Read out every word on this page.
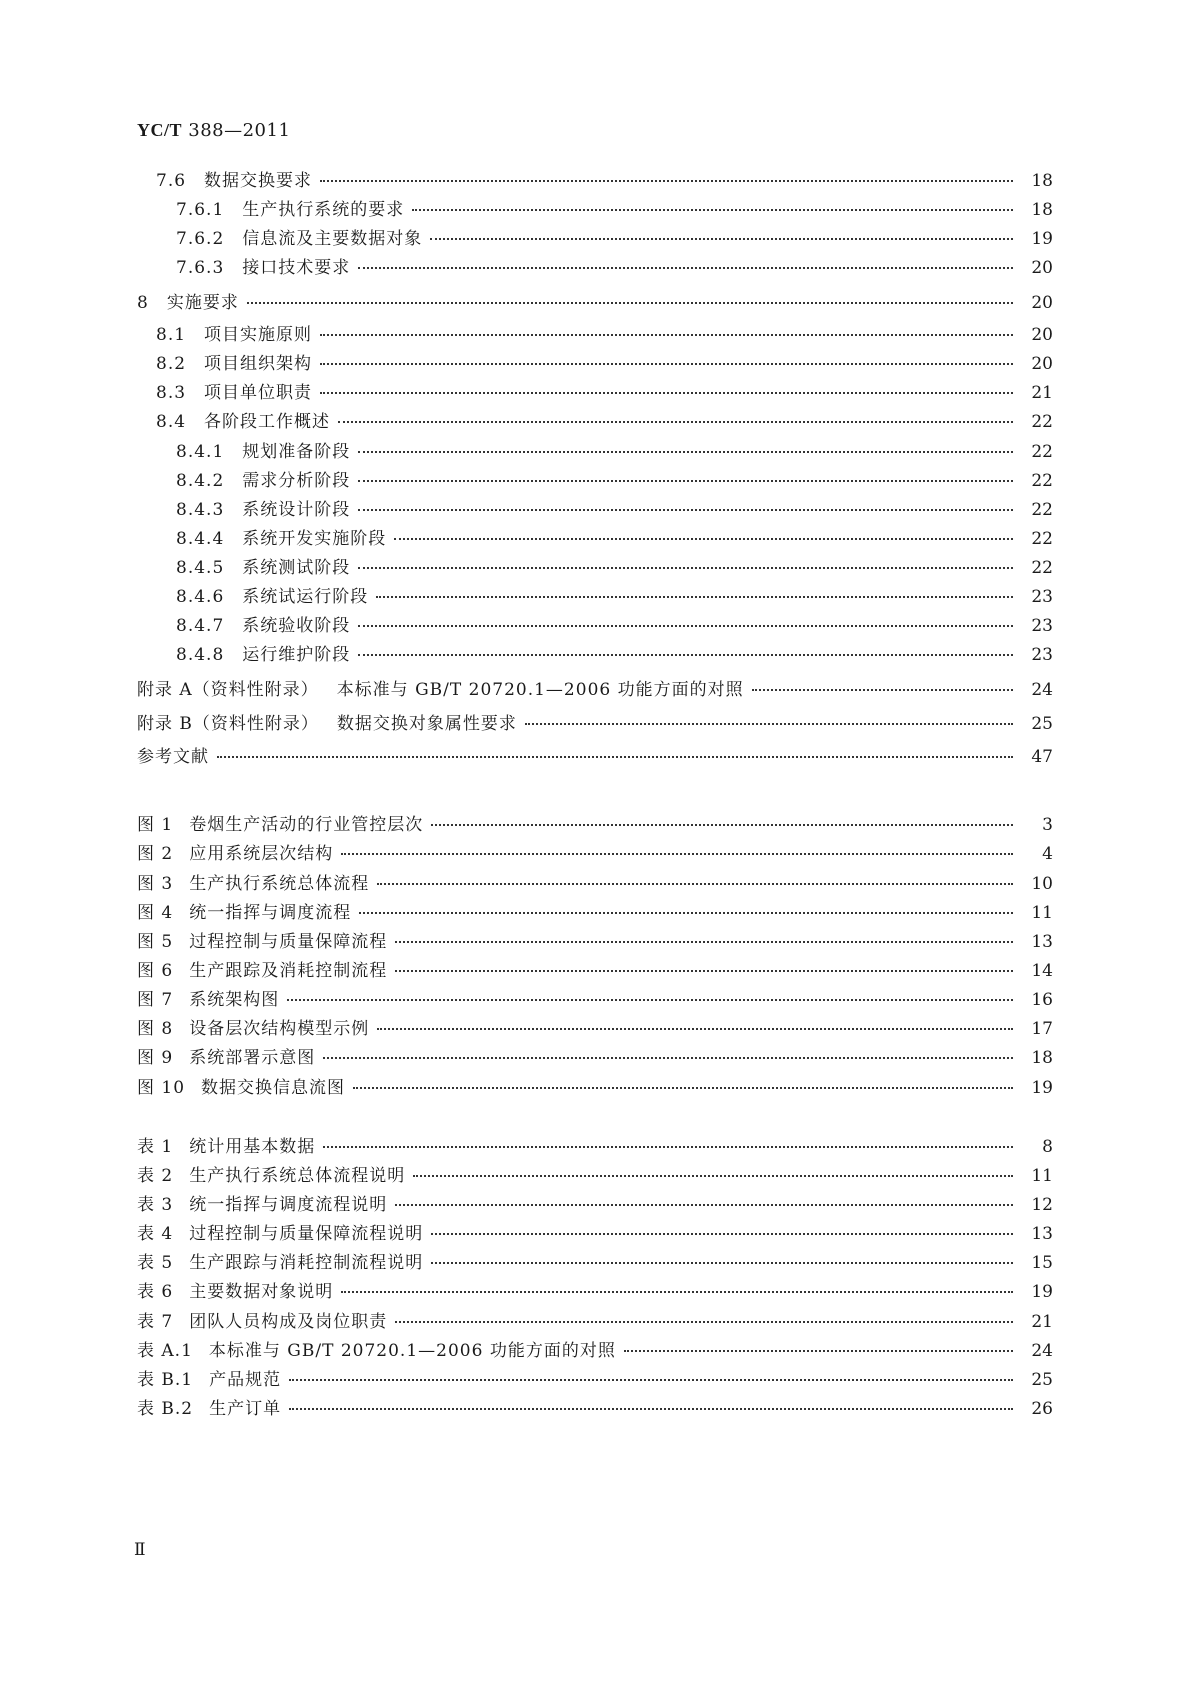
YC/T 388—2011
7.6 数据交换要求	18
7.6.1 生产执行系统的要求	18
7.6.2 信息流及主要数据对象	19
7.6.3 接口技术要求	20
8 实施要求	20
8.1 项目实施原则	20
8.2 项目组织架构	20
8.3 项目单位职责	21
8.4 各阶段工作概述	22
8.4.1 规划准备阶段	22
8.4.2 需求分析阶段	22
8.4.3 系统设计阶段	22
8.4.4 系统开发实施阶段	22
8.4.5 系统测试阶段	22
8.4.6 系统试运行阶段	23
8.4.7 系统验收阶段	23
8.4.8 运行维护阶段	23
附录 A（资料性附录） 本标准与 GB/T 20720.1—2006 功能方面的对照	24
附录 B（资料性附录） 数据交换对象属性要求	25
参考文献	47
图 1 卷烟生产活动的行业管控层次	3
图 2 应用系统层次结构	4
图 3 生产执行系统总体流程	10
图 4 统一指挥与调度流程	11
图 5 过程控制与质量保障流程	13
图 6 生产跟踪及消耗控制流程	14
图 7 系统架构图	16
图 8 设备层次结构模型示例	17
图 9 系统部署示意图	18
图 10 数据交换信息流图	19
表 1 统计用基本数据	8
表 2 生产执行系统总体流程说明	11
表 3 统一指挥与调度流程说明	12
表 4 过程控制与质量保障流程说明	13
表 5 生产跟踪与消耗控制流程说明	15
表 6 主要数据对象说明	19
表 7 团队人员构成及岗位职责	21
表 A.1 本标准与 GB/T 20720.1—2006 功能方面的对照	24
表 B.1 产品规范	25
表 B.2 生产订单	26
Ⅱ
